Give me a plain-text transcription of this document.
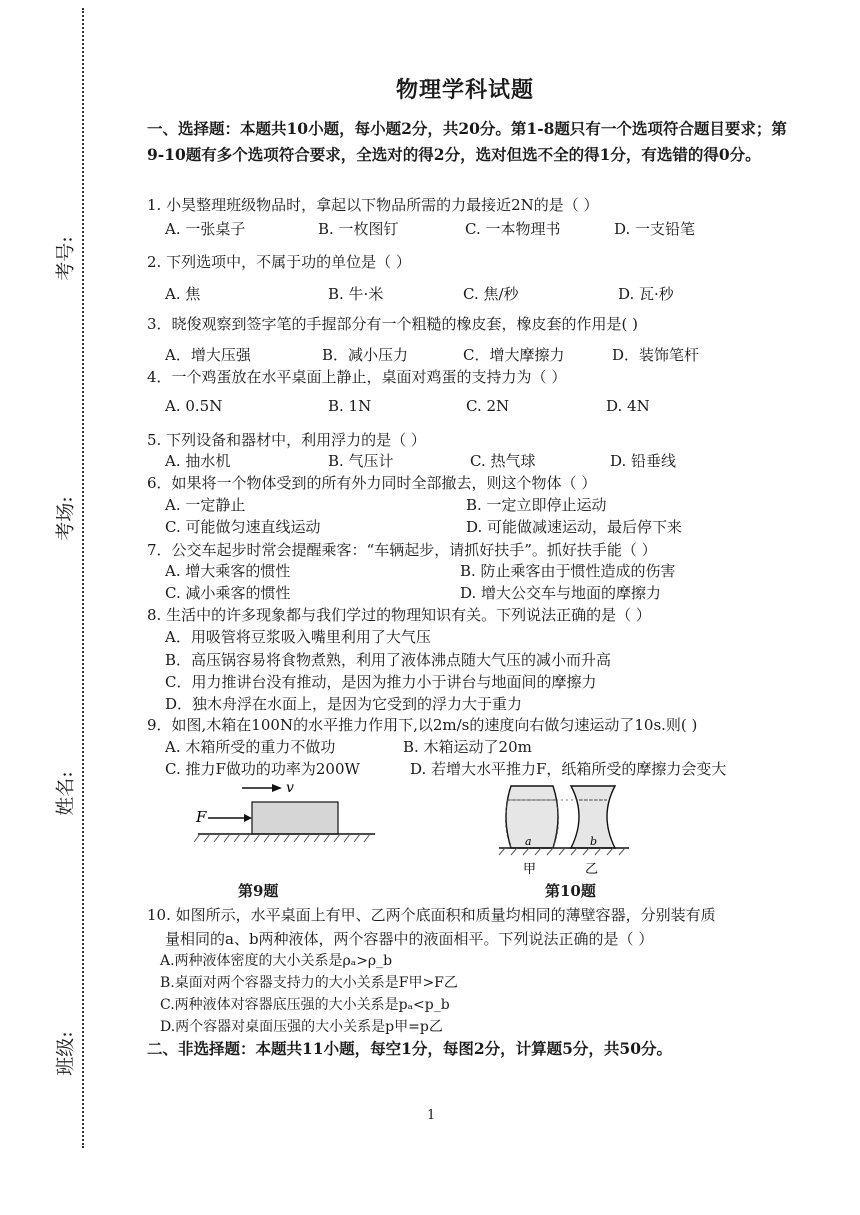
考号:
考场:
姓名:
班级:
物理学科试题
一、选择题：本题共10小题，每小题2分，共20分。第1-8题只有一个选项符合题目要求；第9-10题有多个选项符合要求，全选对的得2分，选对但选不全的得1分，有选错的得0分。
1. 小昊整理班级物品时，拿起以下物品所需的力最接近2N的是（ ）
A. 一张桌子	B. 一枚图钉	C. 一本物理书	D. 一支铅笔
2. 下列选项中，不属于功的单位是（ ）
A. 焦	B. 牛·米	C. 焦/秒	D. 瓦·秒
3．晓俊观察到签字笔的手握部分有一个粗糙的橡皮套，橡皮套的作用是( )
A．增大压强	B．减小压力	C．增大摩擦力	D．装饰笔杆
4．一个鸡蛋放在水平桌面上静止，桌面对鸡蛋的支持力为（ ）
A. 0.5N	B. 1N	C. 2N	D. 4N
5. 下列设备和器材中，利用浮力的是（ ）
A. 抽水机	B. 气压计	C. 热气球	D. 铅垂线
6．如果将一个物体受到的所有外力同时全部撤去，则这个物体（ ）
A. 一定静止	B. 一定立即停止运动
C. 可能做匀速直线运动	D. 可能做减速运动，最后停下来
7．公交车起步时常会提醒乘客：“车辆起步，请抓好扶手”。抓好扶手能（ ）
A. 增大乘客的惯性	B. 防止乘客由于惯性造成的伤害
C. 减小乘客的惯性	D. 增大公交车与地面的摩擦力
8. 生活中的许多现象都与我们学过的物理知识有关。下列说法正确的是（ ）
A．用吸管将豆浆吸入嘴里利用了大气压
B．高压锅容易将食物煮熟，利用了液体沸点随大气压的减小而升高
C．用力推讲台没有推动，是因为推力小于讲台与地面间的摩擦力
D．独木舟浮在水面上，是因为它受到的浮力大于重力
9．如图,木箱在100N的水平推力作用下,以2m/s的速度向右做匀速运动了10s.则( )
A. 木箱所受的重力不做功	B. 木箱运动了20m
C. 推力F做功的功率为200W	D. 若增大水平推力F，纸箱所受的摩擦力会变大
v
F
第9题
a	b
甲	乙
第10题
10. 如图所示，水平桌面上有甲、乙两个底面积和质量均相同的薄壁容器，分别装有质
量相同的a、b两种液体，两个容器中的液面相平。下列说法正确的是（ ）
A.两种液体密度的大小关系是ρₐ>ρ_b
B.桌面对两个容器支持力的大小关系是F甲>F乙
C.两种液体对容器底压强的大小关系是pₐ<p_b
D.两个容器对桌面压强的大小关系是p甲=p乙
二、非选择题：本题共11小题，每空1分，每图2分，计算题5分，共50分。
1
